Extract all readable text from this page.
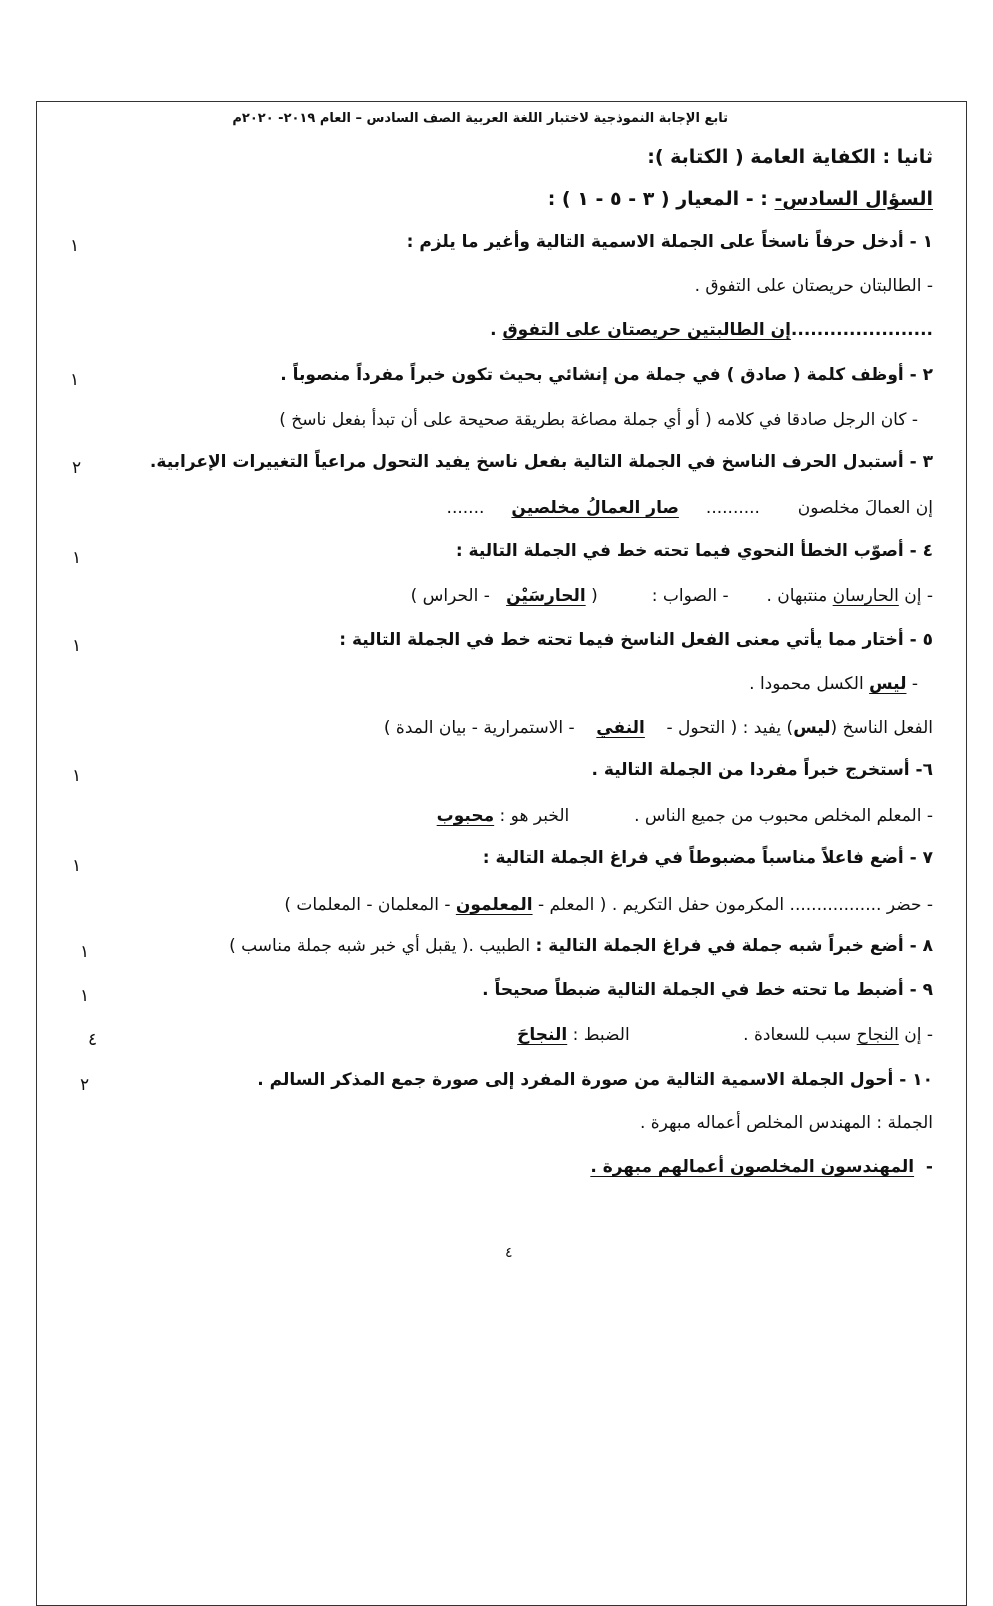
تابع الإجابة النموذجية لاختبار اللغة العربية الصف السادس – العام ٢٠١٩- ٢٠٢٠م
ثانيا : الكفاية العامة ( الكتابة ):
السؤال السادس- : - المعيار ( ٣ - ٥ - ١ ) :
١ - أدخل حرفاً ناسخاً على الجملة الاسمية التالية وأغير ما يلزم :
١
- الطالبتان حريصتان على التفوق .
......................إن الطالبتين حريصتان على التفوق .
٢ - أوظف كلمة ( صادق ) في جملة من إنشائي بحيث تكون خبراً مفرداً منصوباً .
١
- كان الرجل صادقا في كلامه ( أو أي جملة مصاغة بطريقة صحيحة على أن تبدأ بفعل ناسخ )
٣ - أستبدل الحرف الناسخ في الجملة التالية بفعل ناسخ يفيد التحول مراعياً التغييرات الإعرابية.
٢
إن العمالَ مخلصون       ..........     صار العمالُ مخلصين     .......
٤ - أصوّب الخطأ النحوي فيما تحته خط في الجملة التالية :
١
- إن الحارسان منتبهان .       - الصواب :          ( الحارسَيْن   - الحراس )
٥ - أختار مما يأتي معنى الفعل الناسخ فيما تحته خط في الجملة التالية :
١
- ليس الكسل محمودا .
الفعل الناسخ (ليس) يفيد : ( التحول -    النفي    - الاستمرارية - بيان المدة )
٦- أستخرج خبراً مفردا من الجملة التالية .
١
- المعلم المخلص محبوب من جميع الناس .            الخبر هو : محبوب
٧ - أضع فاعلاً مناسباً مضبوطاً في فراغ الجملة التالية :
١
- حضر ................. المكرمون حفل التكريم . ( المعلم - المعلمون - المعلمان - المعلمات )
٨ - أضع خبراً شبه جملة في فراغ الجملة التالية : الطبيب .( يقبل أي خبر شبه جملة مناسب )
١
٩ - أضبط ما تحته خط في الجملة التالية ضبطاً صحيحاً .
١
- إن النجاح سبب للسعادة .                     الضبط : النجاحَ
٤
١٠ - أحول الجملة الاسمية التالية من صورة المفرد إلى صورة جمع المذكر السالم .
٢
الجملة : المهندس المخلص أعماله مبهرة .
-  المهندسون المخلصون أعمالهم مبهرة .
٤
